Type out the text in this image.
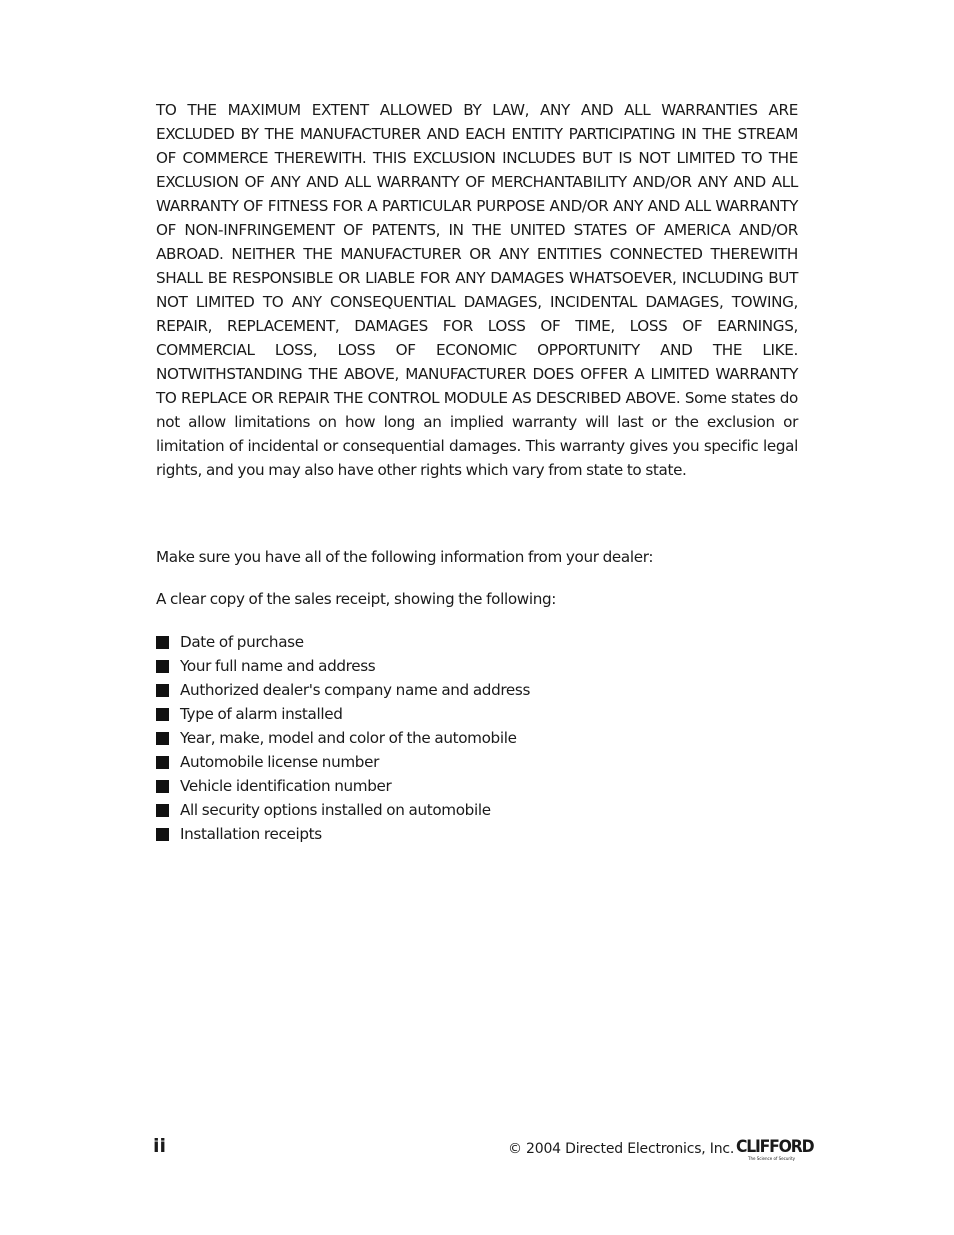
TO THE MAXIMUM EXTENT ALLOWED BY LAW, ANY AND ALL WARRANTIES ARE EXCLUDED BY THE MANUFACTURER AND EACH ENTITY PARTICIPATING IN THE STREAM OF COMMERCE THEREWITH. THIS EXCLUSION INCLUDES BUT IS NOT LIMITED TO THE EXCLUSION OF ANY AND ALL WARRANTY OF MERCHANTABILITY AND/OR ANY AND ALL WARRANTY OF FITNESS FOR A PARTICULAR PURPOSE AND/OR ANY AND ALL WARRANTY OF NON-INFRINGEMENT OF PATENTS, IN THE UNITED STATES OF AMERICA AND/OR ABROAD. NEITHER THE MANUFACTURER OR ANY ENTITIES CONNECTED THEREWITH SHALL BE RESPONSIBLE OR LIABLE FOR ANY DAMAGES WHATSOEVER, INCLUDING BUT NOT LIMITED TO ANY CONSEQUENTIAL DAMAGES, INCIDENTAL DAMAGES, TOWING, REPAIR, REPLACEMENT, DAMAGES FOR LOSS OF TIME, LOSS OF EARNINGS, COMMERCIAL LOSS, LOSS OF ECONOMIC OPPORTUNITY AND THE LIKE. NOTWITHSTANDING THE ABOVE, MANUFACTURER DOES OFFER A LIMITED WARRANTY TO REPLACE OR REPAIR THE CONTROL MODULE AS DESCRIBED ABOVE. Some states do not allow limitations on how long an implied warranty will last or the exclusion or limitation of incidental or consequential damages. This warranty gives you specific legal rights, and you may also have other rights which vary from state to state.

Make sure you have all of the following information from your dealer:

A clear copy of the sales receipt, showing the following:

Date of purchase
Your full name and address
Authorized dealer's company name and address
Type of alarm installed
Year, make, model and color of the automobile
Automobile license number
Vehicle identification number
All security options installed on automobile
Installation receipts
ii	© 2004 Directed Electronics, Inc. CLIFFORD
The Science of Security
